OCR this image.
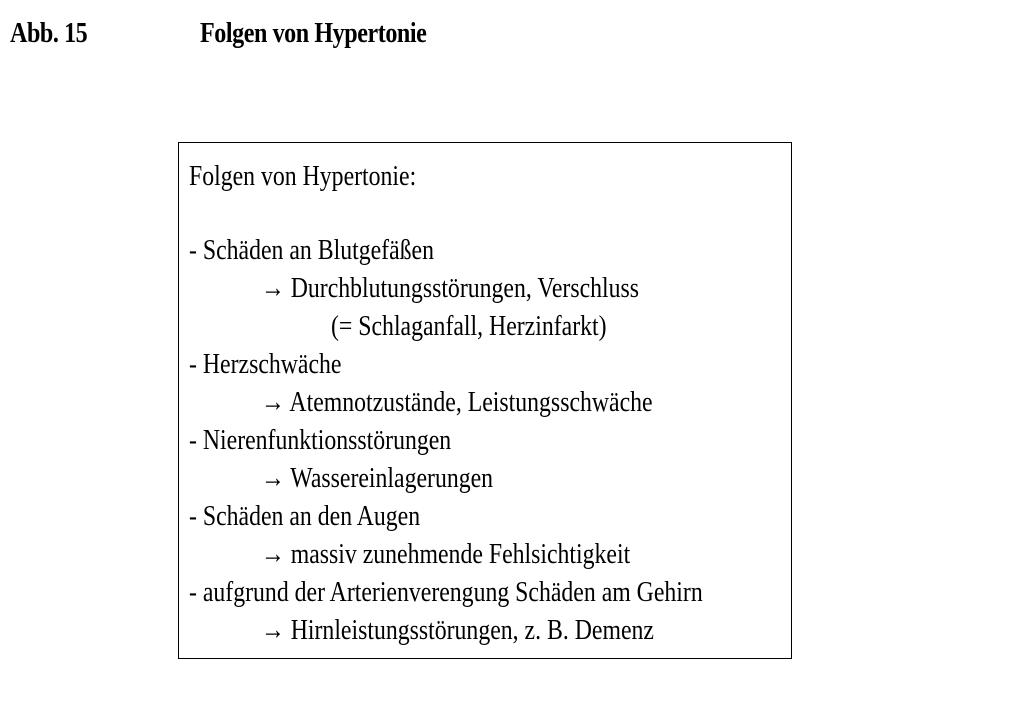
Abb. 15	Folgen von Hypertonie
Folgen von Hypertonie:
- Schäden an Blutgefäßen
→ Durchblutungsstörungen, Verschluss
(= Schlaganfall, Herzinfarkt)
- Herzschwäche
→ Atemnotzustände, Leistungsschwäche
- Nierenfunktionsstörungen
→ Wassereinlagerungen
- Schäden an den Augen
→ massiv zunehmende Fehlsichtigkeit
- aufgrund der Arterienverengung Schäden am Gehirn
→ Hirnleistungsstörungen, z. B. Demenz
